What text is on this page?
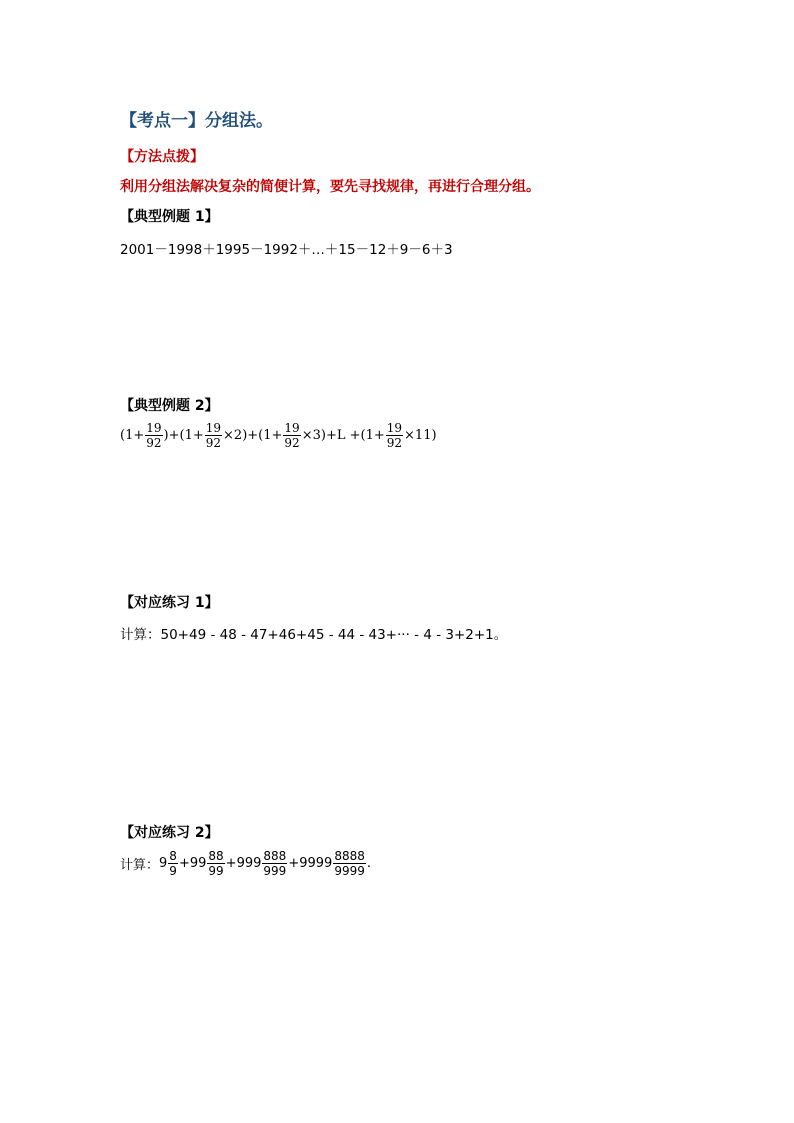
【考点一】分组法。
【方法点拨】
利用分组法解决复杂的简便计算，要先寻找规律，再进行合理分组。
【典型例题 1】
2001－1998＋1995－1992＋…＋15－12＋9－6＋3
【典型例题 2】
($1+ \frac{19}{92}$ )+ $(1+ \frac{19}{92} \times 2)+ (1+ \frac{19}{92} \times 3)+L + (1+ \frac{19}{92} \times 11)$
【对应练习 1】
计算：50+49 - 48 - 47+46+45 - 44 - 43+··· - 4 - 3+2+1。
【对应练习 2】
计算： $9 \frac{8}{9} + 99 \frac{88}{99} + 999 \frac{888}{999} + 9999 \frac{8888}{9999}$ .
